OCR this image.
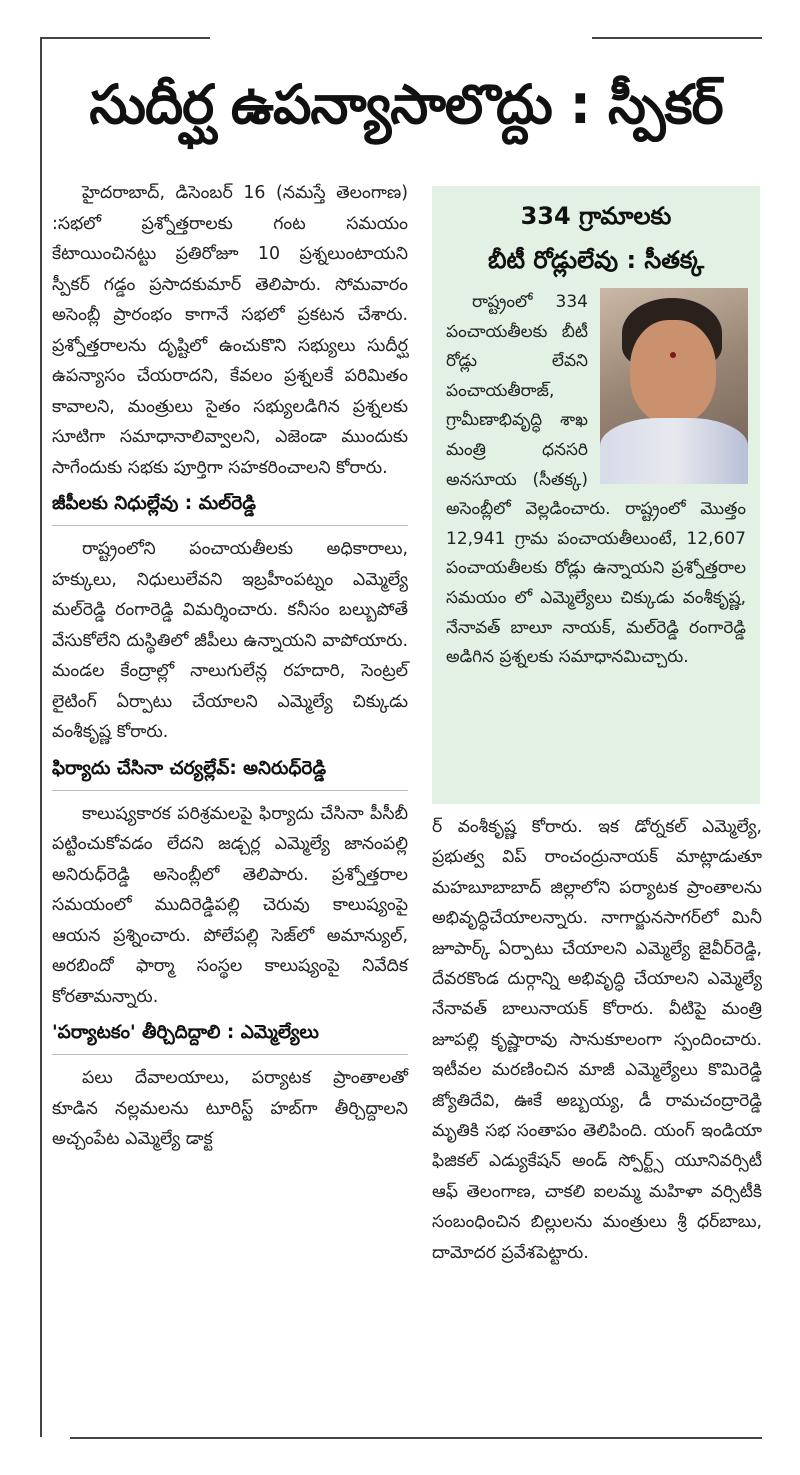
సుదీర్ఘ ఉపన్యాసాలొద్దు : స్పీకర్

హైదరాబాద్, డిసెంబర్ 16 (నమస్తే తెలంగాణ) :సభలో ప్రశ్నోత్తరాలకు గంట సమయం కేటాయించినట్టు ప్రతిరోజూ 10 ప్రశ్నలుంటాయని స్పీకర్ గడ్డం ప్రసాదకుమార్ తెలిపారు. సోమవారం అసెంబ్లీ ప్రారంభం కాగానే సభలో ప్రకటన చేశారు. ప్రశ్నోత్తరాలను దృష్టిలో ఉంచుకొని సభ్యులు సుదీర్ఘ ఉపన్యాసం చేయరాదని, కేవలం ప్రశ్నలకే పరిమితం కావాలని, మంత్రులు సైతం సభ్యులడిగిన ప్రశ్నలకు సూటిగా సమాధానాలివ్వాలని, ఎజెండా ముందుకు సాగేందుకు సభకు పూర్తిగా సహకరించాలని కోరారు.

జీపీలకు నిధుల్లేవు : మల్‌రెడ్డి

రాష్ట్రంలోని పంచాయతీలకు అధికారాలు, హక్కులు, నిధులులేవని ఇబ్రహీంపట్నం ఎమ్మెల్యే మల్‌రెడ్డి రంగారెడ్డి విమర్శించారు. కనీసం బల్బుపోతే వేసుకోలేని దుస్థితిలో జీపీలు ఉన్నాయని వాపోయారు. మండల కేంద్రాల్లో నాలుగులేన్ల రహదారి, సెంట్రల్ లైటింగ్ ఏర్పాటు చేయాలని ఎమ్మెల్యే చిక్కుడు వంశీకృష్ణ కోరారు.

ఫిర్యాదు చేసినా చర్యల్లేవ్: అనిరుధ్‌రెడ్డి

కాలుష్యకారక పరిశ్రమలపై ఫిర్యాదు చేసినా పీసీబీ పట్టించుకోవడం లేదని జడ్చర్ల ఎమ్మెల్యే జానంపల్లి అనిరుధ్‌రెడ్డి అసెంబ్లీలో తెలిపారు. ప్రశ్నోత్తరాల సమయంలో ముదిరెడ్డిపల్లి చెరువు కాలుష్యంపై ఆయన ప్రశ్నించారు. పోలేపల్లి సెజ్‌లో అమాన్యుల్, అరబిందో ఫార్మా సంస్థల కాలుష్యంపై నివేదిక కోరతామన్నారు.

'పర్యాటకం' తీర్చిదిద్దాలి : ఎమ్మెల్యేలు

పలు దేవాలయాలు, పర్యాటక ప్రాంతాలతో కూడిన నల్లమలను టూరిస్ట్ హబ్‌గా తీర్చిద్దాలని అచ్చంపేట ఎమ్మెల్యే డాక్ట

334 గ్రామాలకు
బీటీ రోడ్లులేవు : సీతక్క

రాష్ట్రంలో 334 పంచాయతీలకు బీటీ రోడ్లు లేవని పంచాయతీరాజ్, గ్రామీణాభివృద్ధి శాఖ మంత్రి ధనసరి అనసూయ (సీతక్క) అసెంబ్లీలో వెల్లడించారు. రాష్ట్రంలో మొత్తం 12,941 గ్రామ పంచాయతీలుంటే, 12,607 పంచాయతీలకు రోడ్లు ఉన్నాయని ప్రశ్నోత్తరాల సమయం లో ఎమ్మెల్యేలు చిక్కుడు వంశీకృష్ణ, నేనావత్ బాలూ నాయక్, మల్‌రెడ్డి రంగారెడ్డి అడిగిన ప్రశ్నలకు సమాధానమిచ్చారు.

ర్ వంశీకృష్ణ కోరారు. ఇక డోర్నకల్ ఎమ్మెల్యే, ప్రభుత్వ విప్ రాంచంద్రునాయక్ మాట్లాడుతూ మహబూబాబాద్ జిల్లాలోని పర్యాటక ప్రాంతాలను అభివృద్ధిచేయాలన్నారు. నాగార్జునసాగర్‌లో మినీ జూపార్క్ ఏర్పాటు చేయాలని ఎమ్మెల్యే జైవీర్‌రెడ్డి, దేవరకొండ దుర్గాన్ని అభివృద్ధి చేయాలని ఎమ్మెల్యే నేనావత్ బాలునాయక్ కోరారు. వీటిపై మంత్రి జూపల్లి కృష్ణారావు సానుకూలంగా స్పందించారు. ఇటీవల మరణించిన మాజీ ఎమ్మెల్యేలు కొమిరెడ్డి జ్యోతిదేవి, ఊకే అబ్బయ్య, డీ రామచంద్రారెడ్డి మృతికి సభ సంతాపం తెలిపింది. యంగ్ ఇండియా ఫిజికల్ ఎడ్యుకేషన్ అండ్ స్పోర్ట్స్ యూనివర్సిటీ ఆఫ్ తెలంగాణ, చాకలి ఐలమ్మ మహిళా వర్సిటీకి సంబంధించిన బిల్లులను మంత్రులు శ్రీ ధర్‌బాబు, దామోదర ప్రవేశపెట్టారు.
